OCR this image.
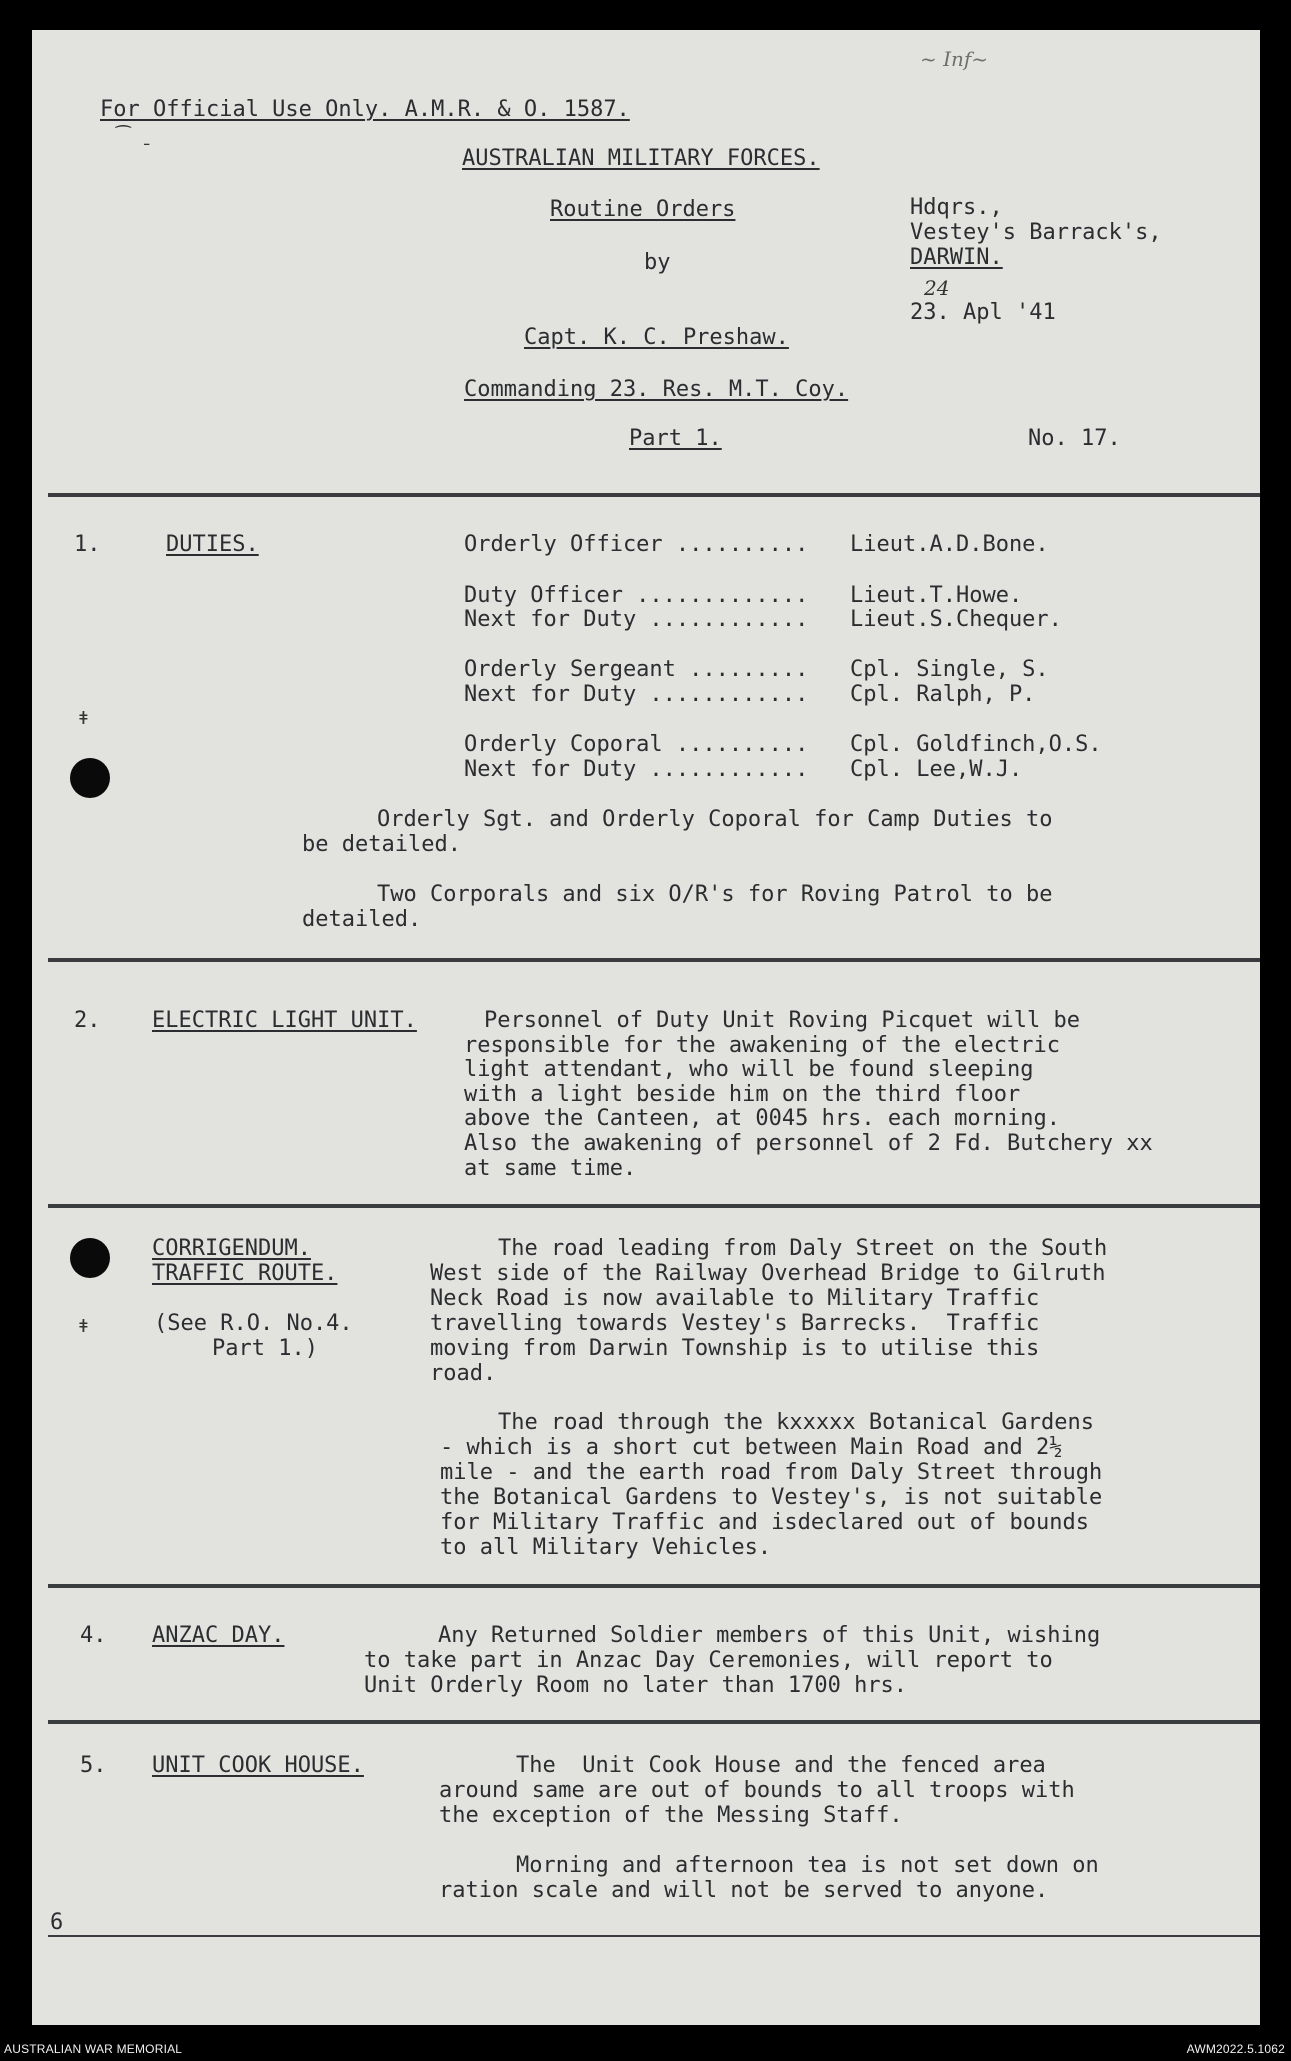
~ Inf~
For Official Use Only. A.M.R. & O. 1587.
⁀ ˍ
AUSTRALIAN MILITARY FORCES.
Routine Orders
by
Capt. K. C. Preshaw.
Commanding 23. Res. M.T. Coy.
Part 1.	No. 17.
Hdqrs.,
Vestey's Barrack's,
DARWIN.
24
23. Apl '41
1.	DUTIES.	Orderly Officer .......... Lieut.A.D.Bone.
Duty Officer ............. Lieut.T.Howe.
Next for Duty ............ Lieut.S.Chequer.
Orderly Sergeant ......... Cpl. Single, S.
Next for Duty ............ Cpl. Ralph, P.
Orderly Coporal .......... Cpl. Goldfinch,O.S.
Next for Duty ............ Cpl. Lee,W.J.
Orderly Sgt. and Orderly Coporal for Camp Duties to
be detailed.
Two Corporals and six O/R's for Roving Patrol to be
detailed.
2. ELECTRIC LIGHT UNIT.	Personnel of Duty Unit Roving Picquet will be
responsible for the awakening of the electric
light attendant, who will be found sleeping
with a light beside him on the third floor
above the Canteen, at 0045 hrs. each morning.
Also the awakening of personnel of 2 Fd. Butchery xx
at same time.
CORRIGENDUM.
TRAFFIC ROUTE.
(See R.O. No.4.
Part 1.)
The road leading from Daly Street on the South
West side of the Railway Overhead Bridge to Gilruth
Neck Road is now available to Military Traffic
travelling towards Vestey's Barrecks.  Traffic
moving from Darwin Township is to utilise this
road.
The road through the kxxxxx Botanical Gardens
- which is a short cut between Main Road and 2½
mile - and the earth road from Daly Street through
the Botanical Gardens to Vestey's, is not suitable
for Military Traffic and isdeclared out of bounds
to all Military Vehicles.
4. ANZAC DAY.	Any Returned Soldier members of this Unit, wishing
to take part in Anzac Day Ceremonies, will report to
Unit Orderly Room no later than 1700 hrs.
5. UNIT COOK HOUSE.	The  Unit Cook House and the fenced area
around same are out of bounds to all troops with
the exception of the Messing Staff.
Morning and afternoon tea is not set down on
ration scale and will not be served to anyone.
6
ǂ
ǂ
AUSTRALIAN WAR MEMORIAL	AWM2022.5.1062
